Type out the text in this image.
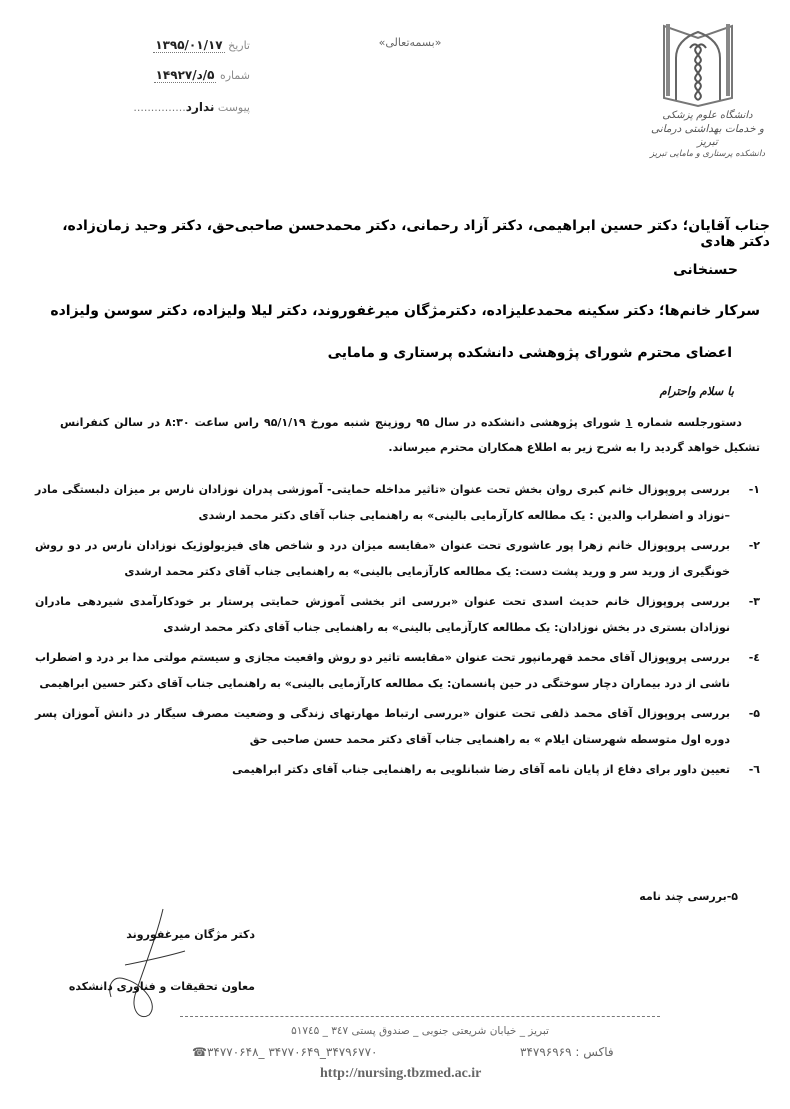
«بسمه‌تعالی»
تاریخ ۱۳۹۵/۰۱/۱۷
شماره ۵/د/۱۴۹۲۷
پیوست ندارد...............
دانشگاه علوم پزشکی
و خدمات بهداشتی درمانی تبریز
دانشکده پرستاری و مامایی تبریز
جناب آقایان؛ دکتر حسین ابراهیمی، دکتر آزاد رحمانی، دکتر محمدحسن صاحبی‌حق، دکتر وحید زمان‌زاده، دکتر هادی
حسنخانی
سرکار خانم‌ها؛ دکتر سکینه محمدعلیزاده، دکترمژگان میرغفوروند، دکتر لیلا ولیزاده، دکتر سوسن ولیزاده
اعضای محترم شورای پژوهشی دانشکده پرستاری و مامایی
با سلام واحترام
دستورجلسه شماره ۱ شورای پژوهشی دانشکده در سال ۹۵ روزپنج شنبه مورخ ۹۵/۱/۱۹ راس ساعت ۸:۳۰ در سالن کنفرانس تشکیل خواهد گردید را به شرح زیر به اطلاع همکاران محترم میرساند.
۱-
بررسی پروپوزال خانم کبری روان بخش تحت عنوان «تاثیر مداخله حمایتی- آموزشی پدران نوزادان نارس بر میزان دلبستگی مادر –نوزاد و اضطراب والدین : یک مطالعه کارآزمایی بالینی» به راهنمایی جناب آقای دکتر محمد ارشدی
۲-
بررسی پروپوزال خانم زهرا پور عاشوری تحت عنوان «مقایسه میزان درد و شاخص های فیزیولوژیک نوزادان نارس در دو روش خونگیری از ورید سر و ورید پشت دست: یک مطالعه کارآزمایی بالینی» به راهنمایی جناب آقای دکتر محمد ارشدی
۳-
بررسی پروپوزال خانم حدیث اسدی تحت عنوان «بررسی اثر بخشی آموزش حمایتی پرستار بر خودکارآمدی شیردهی مادران نوزادان بستری در بخش نوزادان: یک مطالعه کارآزمایی بالینی» به راهنمایی جناب آقای دکتر محمد ارشدی
٤-
بررسی پروپوزال آقای محمد قهرمانپور تحت عنوان «مقایسه تاثیر دو روش واقعیت مجازی و سیستم مولتی مدا بر درد و اضطراب ناشی از درد بیماران دچار سوختگی در حین پانسمان: یک مطالعه کارآزمایی بالینی» به راهنمایی جناب آقای دکتر حسین ابراهیمی
۵-
بررسی پروپوزال آقای محمد ذلفی تحت عنوان «بررسی ارتباط مهارتهای زندگی و وضعیت مصرف سیگار در دانش آموزان پسر دوره اول متوسطه شهرستان ایلام » به راهنمایی جناب آقای دکتر محمد حسن صاحبی حق
٦-
تعیین داور برای دفاع از پایان نامه آقای رضا شبانلویی به راهنمایی جناب آقای دکتر ابراهیمی
۵-بررسی چند نامه
دکتر مژگان میرغفوروند
معاون تحقیقات و فناوری دانشکده
تبریز _ خیابان شریعتی جنوبی _ صندوق پستی ۳٤۷ _ ۵۱۷٤۵
☎۳۴۷۷۰۶۴۸_ ۳۴۷۷۰۶۴۹_۳۴۷۹۶۷۷۰	فاکس : ۳۴۷۹۶۹۶۹
http://nursing.tbzmed.ac.ir
